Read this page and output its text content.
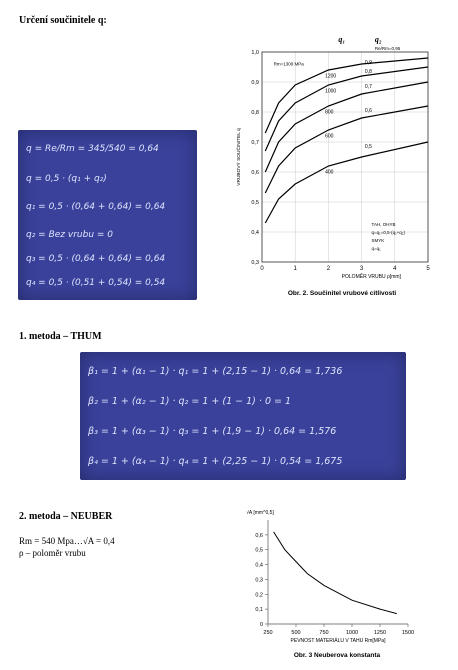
Určení součinitele q:
q = Re/Rm = 345/540 = 0,64
q = 0,5 · (q₁ + q₂)
q₁ = 0,5 · (0,64 + 0,64) = 0,64
q₂ = Bez vrubu = 0
q₃ = 0,5 · (0,64 + 0,64) = 0,64
q₄ = 0,5 · (0,51 + 0,54) = 0,54
0	1	2	3	4	5
0,3
0,4
0,5
0,6
0,7
0,8
0,9
1,0
1200
0,9
1000
0,8
800
0,7
600
0,6
400
0,5
q₁	q₂
Re/Rm=0,95
Rm=1300 MPa
POLOMĚR VRUBU ρ[mm]
VRUBOVÝ SOUČINITEL q
TAH, OHYB
q=q₁=0,5·(q₁+q₂)
SMYK
q=q₁
Obr. 2. Součinitel vrubové citlivosti
1. metoda – THUM
β₁ = 1 + (α₁ − 1) · q₁ = 1 + (2,15 − 1) · 0,64 = 1,736
β₂ = 1 + (α₂ − 1) · q₂ = 1 + (1 − 1) · 0 = 1
β₃ = 1 + (α₃ − 1) · q₃ = 1 + (1,9 − 1) · 0,64 = 1,576
β₄ = 1 + (α₄ − 1) · q₄ = 1 + (2,25 − 1) · 0,54 = 1,675
2. metoda – NEUBER
Rm = 540 Mpa…√A = 0,4
ρ – poloměr vrubu
250	500	750	1000	1250	1500
0
0,1
0,2
0,3
0,4
0,5
0,6
√A [mm^0,5]
PEVNOST MATERIÁLU V TAHU Rm[MPa]
Obr. 3 Neuberova konstanta
